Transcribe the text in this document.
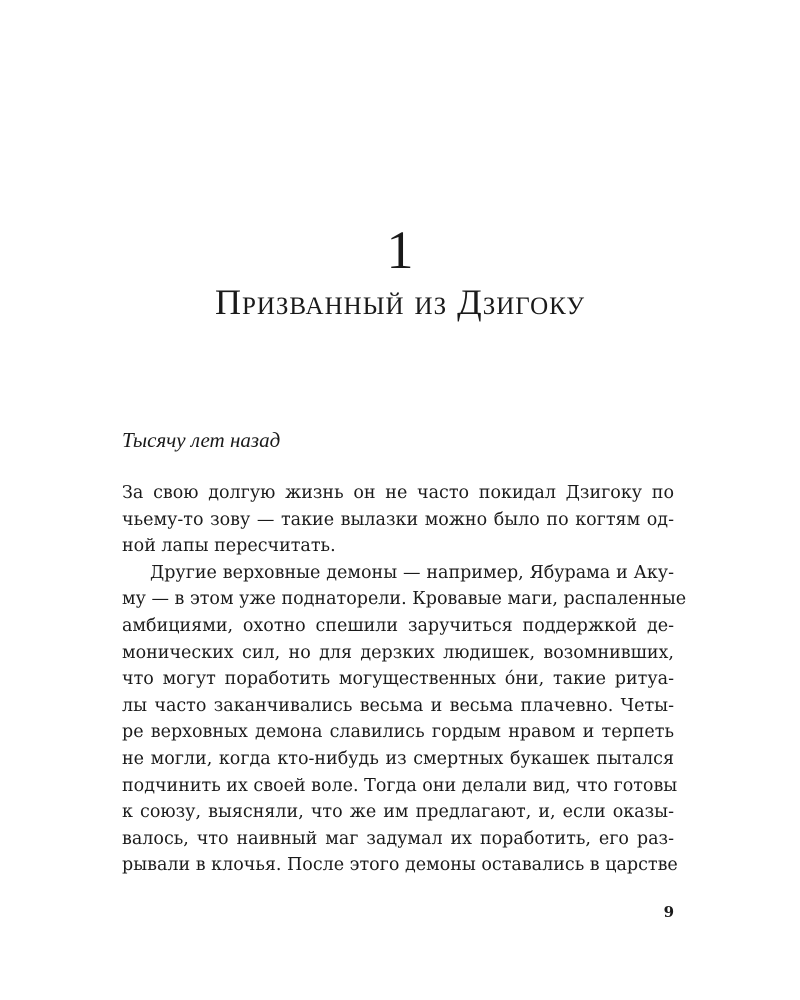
1
Призванный из Дзигоку

Тысячу лет назад

За свою долгую жизнь он не часто покидал Дзигоку по
чьему-то зову — такие вылазки можно было по когтям од-
ной лапы пересчитать.
Другие верховные демоны — например, Ябурама и Аку-
му — в этом уже поднаторели. Кровавые маги, распаленные
амбициями, охотно спешили заручиться поддержкой де-
монических сил, но для дерзких людишек, возомнивших,
что могут поработить могущественных óни, такие ритуа-
лы часто заканчивались весьма и весьма плачевно. Четы-
ре верховных демона славились гордым нравом и терпеть
не могли, когда кто-нибудь из смертных букашек пытался
подчинить их своей воле. Тогда они делали вид, что готовы
к союзу, выясняли, что же им предлагают, и, если оказы-
валось, что наивный маг задумал их поработить, его раз-
рывали в клочья. После этого демоны оставались в царстве

9
